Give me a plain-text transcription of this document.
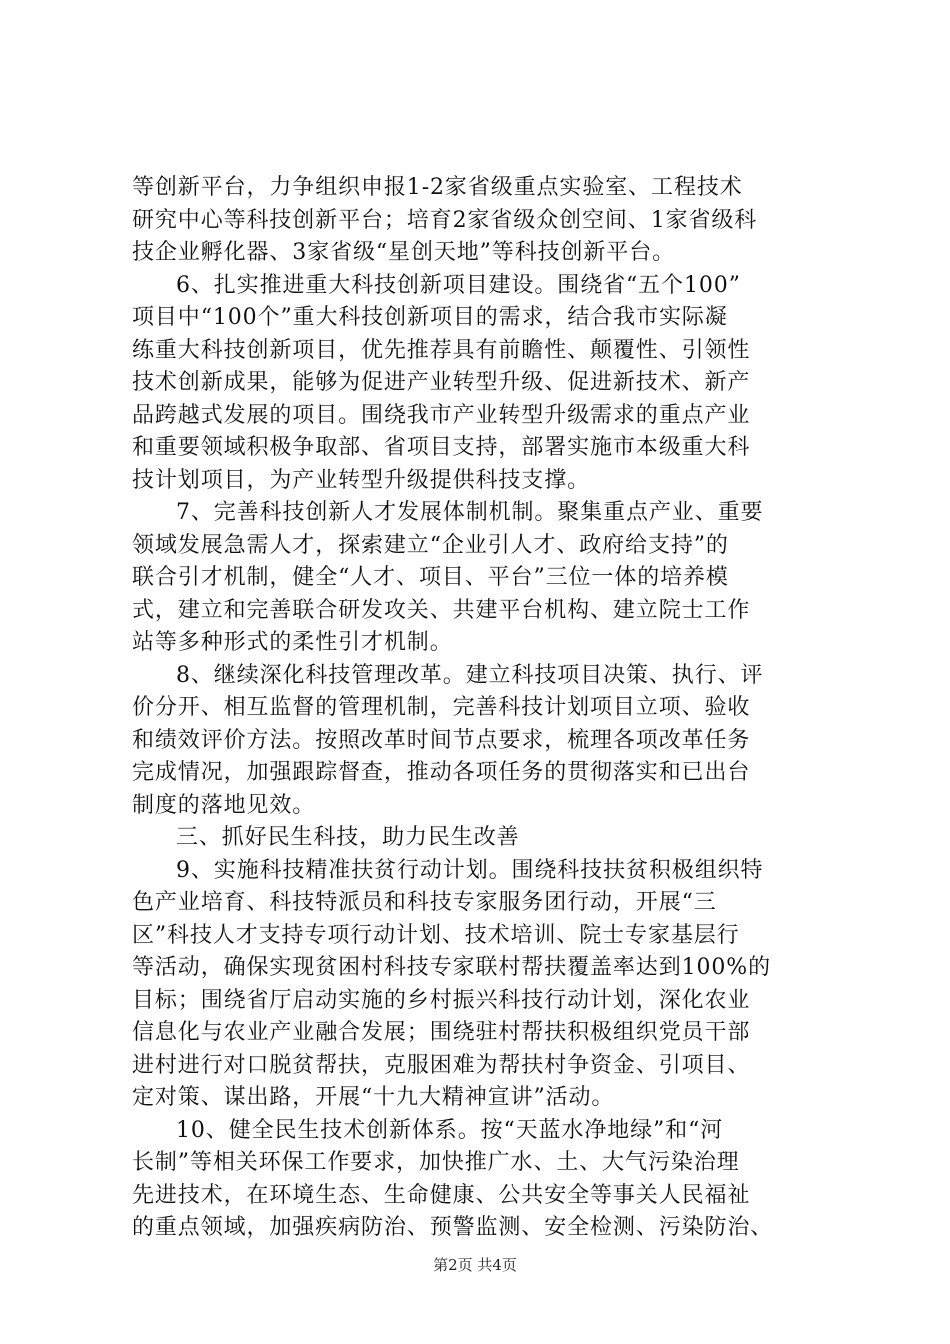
等创新平台，力争组织申报1-2家省级重点实验室、工程技术
研究中心等科技创新平台；培育2家省级众创空间、1家省级科
技企业孵化器、3家省级“星创天地”等科技创新平台。
6、扎实推进重大科技创新项目建设。围绕省“五个100”
项目中“100个”重大科技创新项目的需求，结合我市实际凝
练重大科技创新项目，优先推荐具有前瞻性、颠覆性、引领性
技术创新成果，能够为促进产业转型升级、促进新技术、新产
品跨越式发展的项目。围绕我市产业转型升级需求的重点产业
和重要领域积极争取部、省项目支持，部署实施市本级重大科
技计划项目，为产业转型升级提供科技支撑。
7、完善科技创新人才发展体制机制。聚集重点产业、重要
领域发展急需人才，探索建立“企业引人才、政府给支持”的
联合引才机制，健全“人才、项目、平台”三位一体的培养模
式，建立和完善联合研发攻关、共建平台机构、建立院士工作
站等多种形式的柔性引才机制。
8、继续深化科技管理改革。建立科技项目决策、执行、评
价分开、相互监督的管理机制，完善科技计划项目立项、验收
和绩效评价方法。按照改革时间节点要求，梳理各项改革任务
完成情况，加强跟踪督查，推动各项任务的贯彻落实和已出台
制度的落地见效。
三、抓好民生科技，助力民生改善
9、实施科技精准扶贫行动计划。围绕科技扶贫积极组织特
色产业培育、科技特派员和科技专家服务团行动，开展“三
区”科技人才支持专项行动计划、技术培训、院士专家基层行
等活动，确保实现贫困村科技专家联村帮扶覆盖率达到100%的
目标；围绕省厅启动实施的乡村振兴科技行动计划，深化农业
信息化与农业产业融合发展；围绕驻村帮扶积极组织党员干部
进村进行对口脱贫帮扶，克服困难为帮扶村争资金、引项目、
定对策、谋出路，开展“十九大精神宣讲”活动。
10、健全民生技术创新体系。按“天蓝水净地绿”和“河
长制”等相关环保工作要求，加快推广水、土、大气污染治理
先进技术，在环境生态、生命健康、公共安全等事关人民福祉
的重点领域，加强疾病防治、预警监测、安全检测、污染防治、
第2页 共4页
